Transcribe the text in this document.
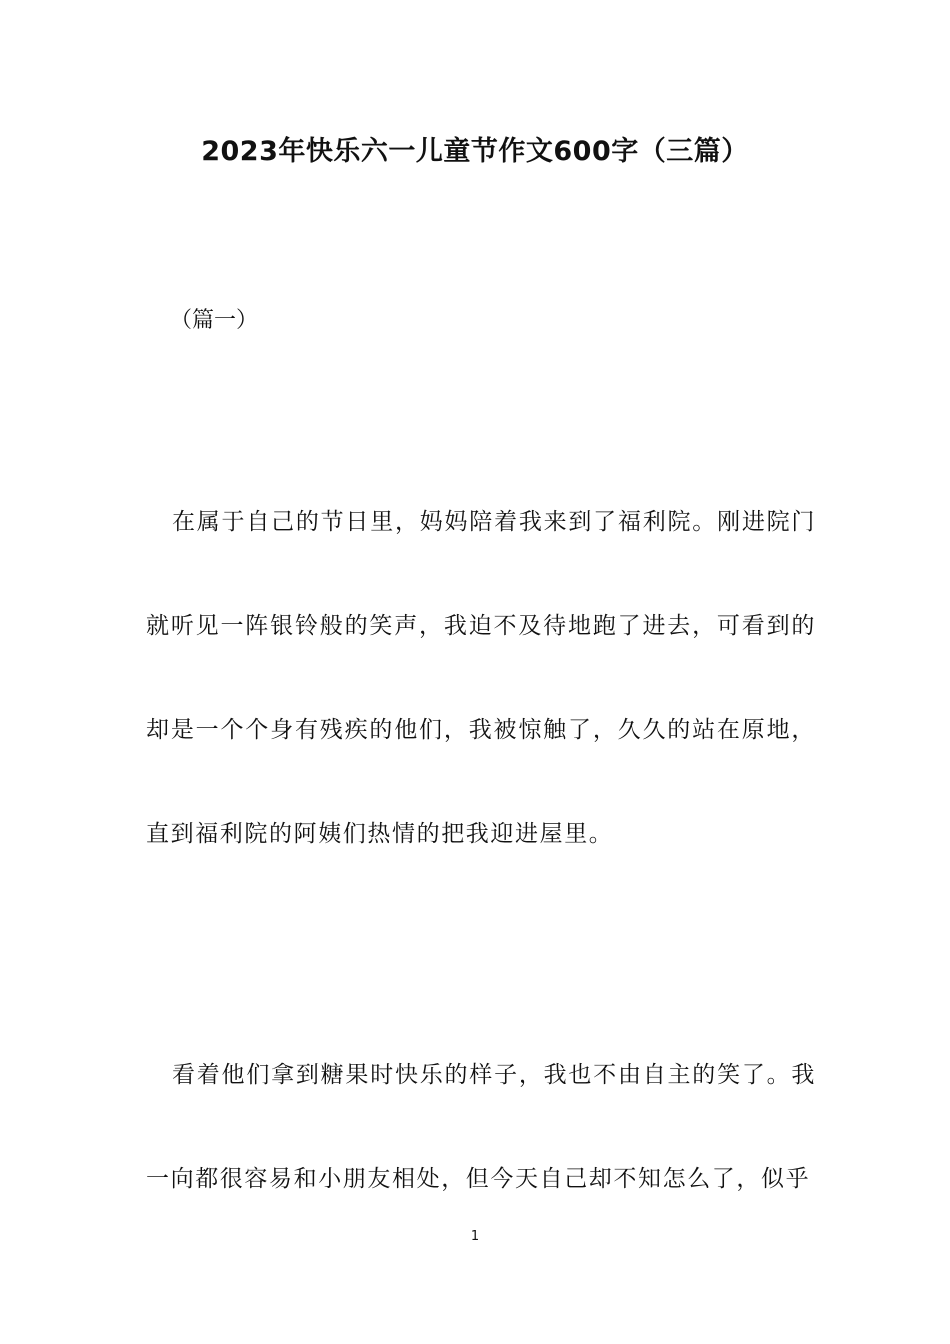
2023年快乐六一儿童节作文600字（三篇）

（篇一）

在属于自己的节日里，妈妈陪着我来到了福利院。刚进院门就听见一阵银铃般的笑声，我迫不及待地跑了进去，可看到的却是一个个身有残疾的他们，我被惊触了，久久的站在原地，直到福利院的阿姨们热情的把我迎进屋里。

看着他们拿到糖果时快乐的样子，我也不由自主的笑了。我一向都很容易和小朋友相处，但今天自己却不知怎么了，似乎

1
